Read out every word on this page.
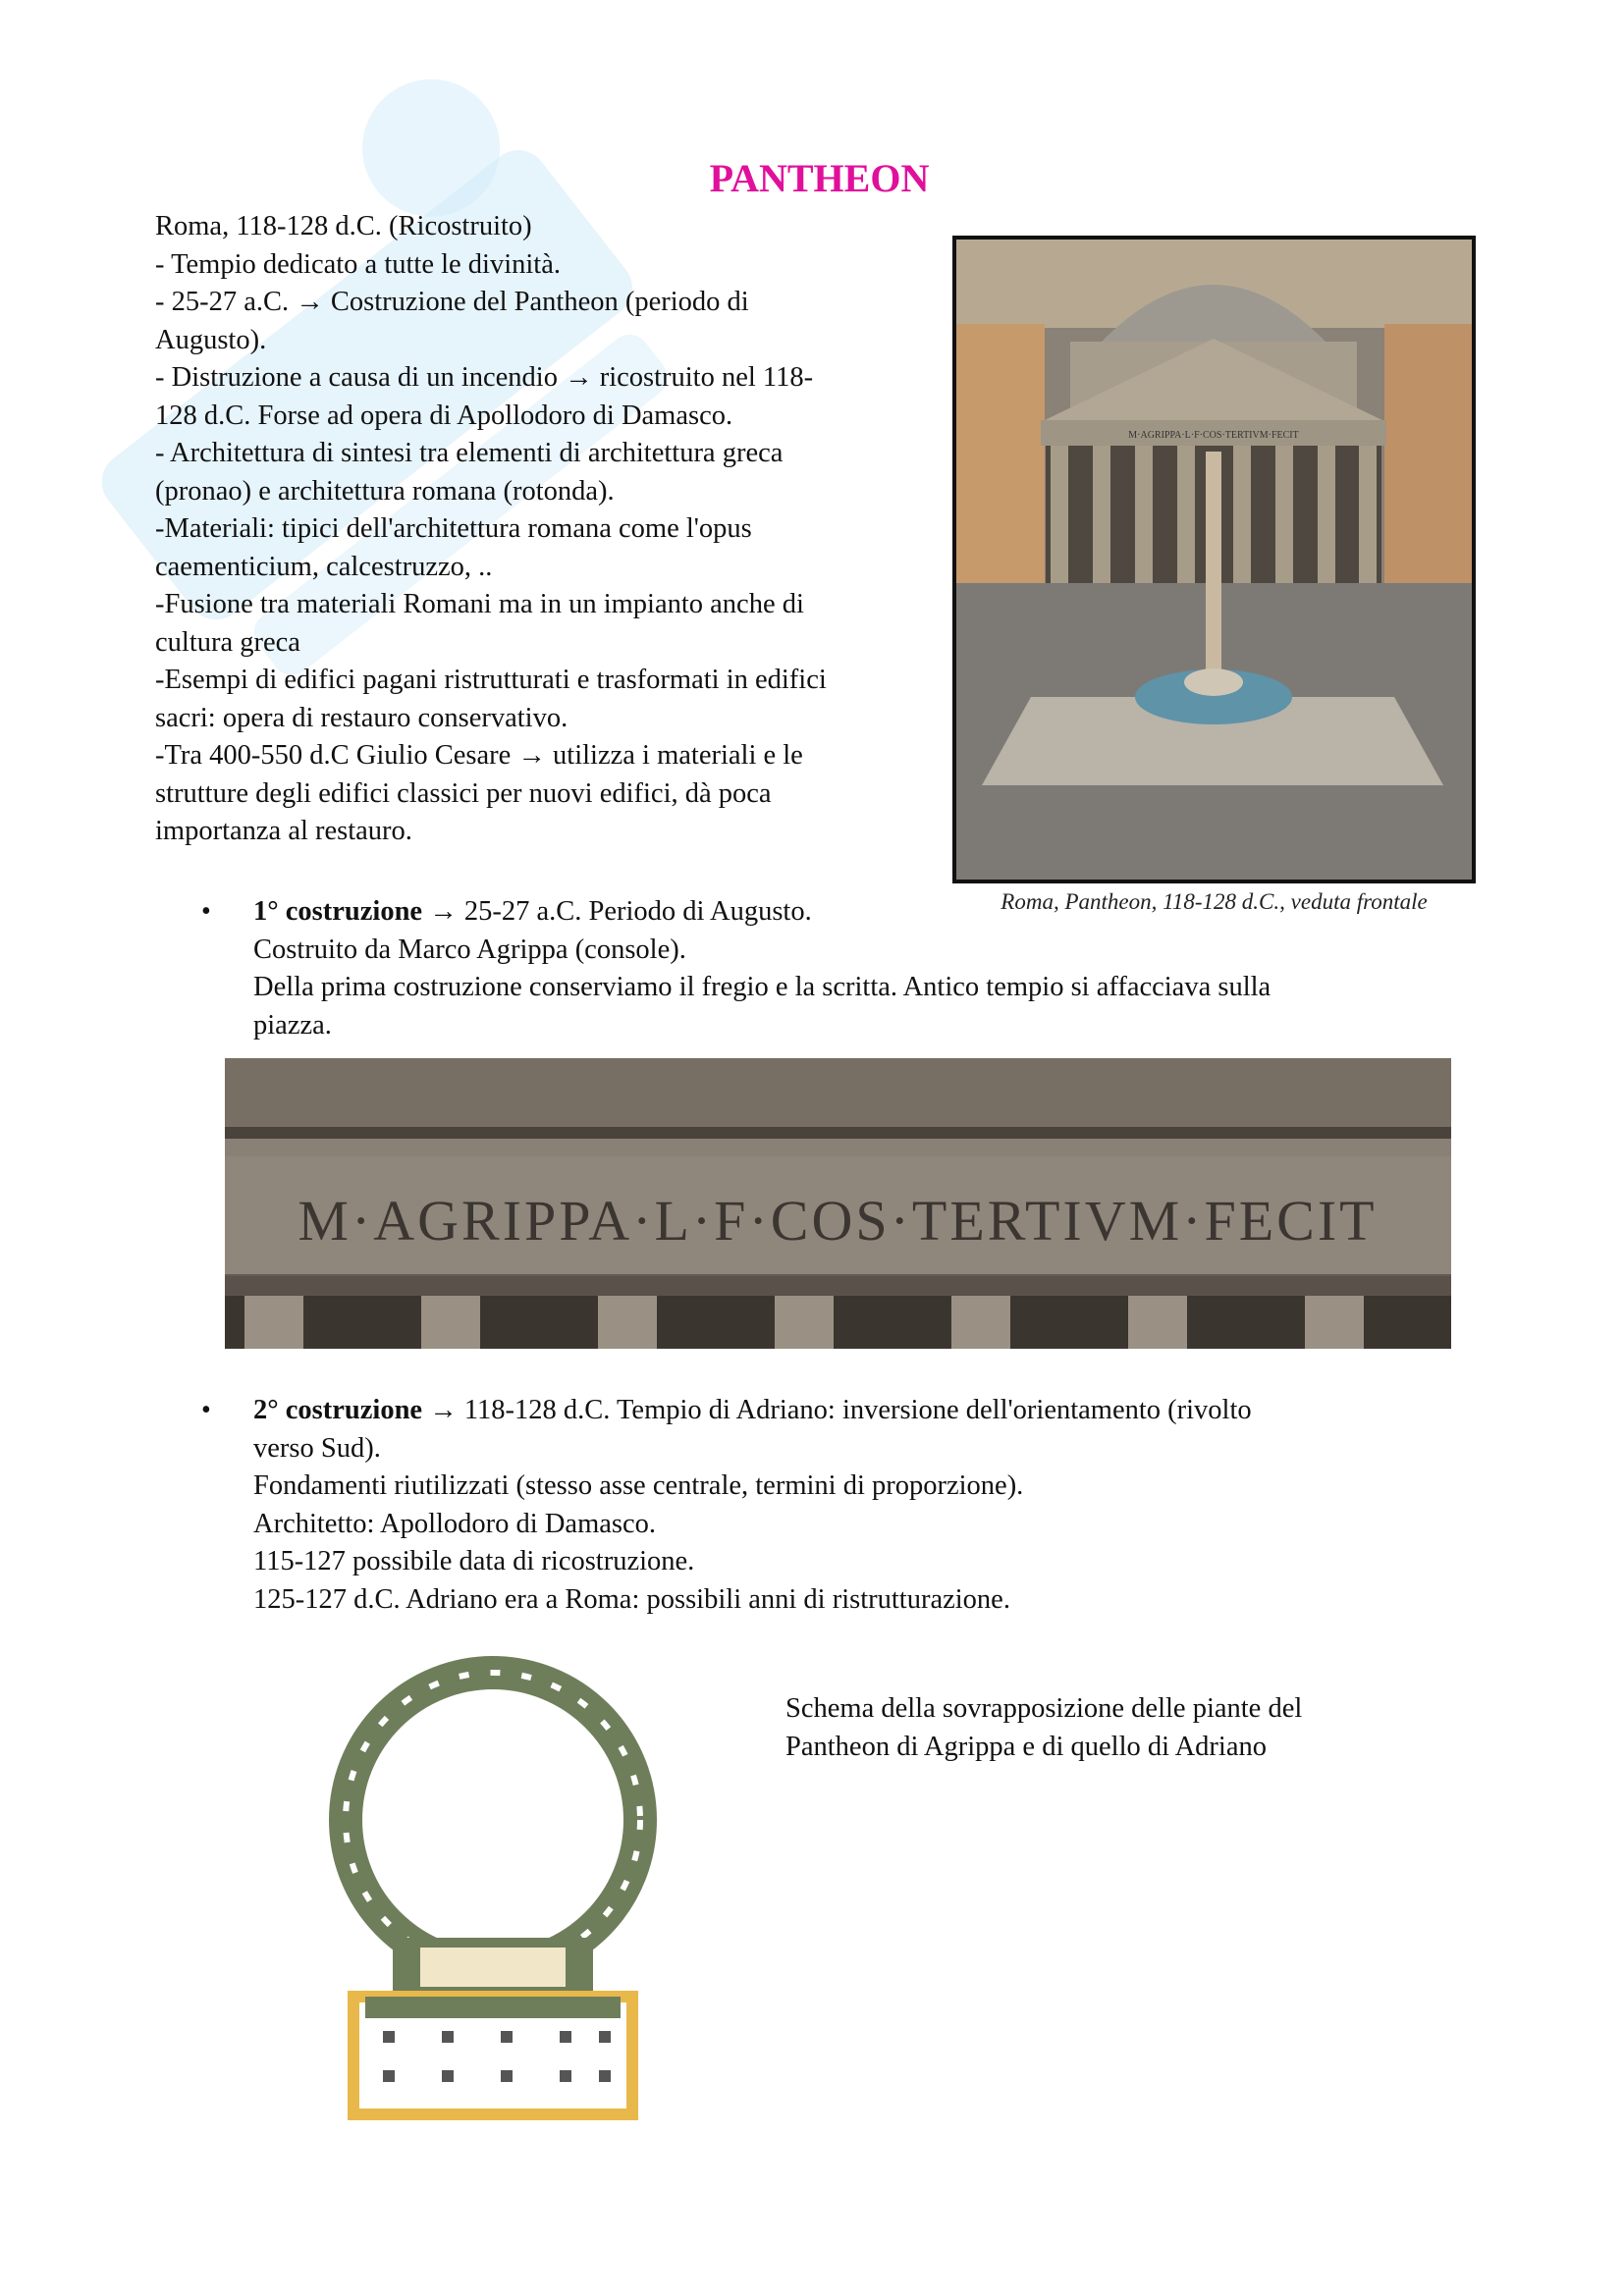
PANTHEON

Roma, 118-128 d.C. (Ricostruito)

- Tempio dedicato a tutte le divinità.

- 25-27 a.C. → Costruzione del Pantheon (periodo di

Augusto).

- Distruzione a causa di un incendio → ricostruito nel 118-

128 d.C. Forse ad opera di Apollodoro di Damasco.

- Architettura di sintesi tra elementi di architettura greca

(pronao) e architettura romana (rotonda).

-Materiali: tipici dell'architettura romana come l'opus

caementicium, calcestruzzo, ..

-Fusione tra materiali Romani ma in un impianto anche di

cultura greca

-Esempi di edifici pagani ristrutturati e trasformati in edifici

sacri: opera di restauro conservativo.

-Tra 400-550 d.C Giulio Cesare → utilizza i materiali e le

strutture degli edifici classici per nuovi edifici, dà poca

importanza al restauro.

M·AGRIPPA·L·F·COS·TERTIVM·FECIT
Roma, Pantheon, 118-128 d.C., veduta frontale
• 1° costruzione → 25-27 a.C. Periodo di Augusto.

Costruito da Marco Agrippa (console).

Della prima costruzione conserviamo il fregio e la scritta. Antico tempio si affacciava sulla

piazza.

M·AGRIPPA·L·F·COS·TERTIVM·FECIT
• 2° costruzione → 118-128 d.C. Tempio di Adriano: inversione dell'orientamento (rivolto

verso Sud).

Fondamenti riutilizzati (stesso asse centrale, termini di proporzione).

Architetto: Apollodoro di Damasco.

115-127 possibile data di ricostruzione.

125-127 d.C. Adriano era a Roma: possibili anni di ristrutturazione.

Schema della sovrapposizione delle piante del
Pantheon di Agrippa e di quello di Adriano
